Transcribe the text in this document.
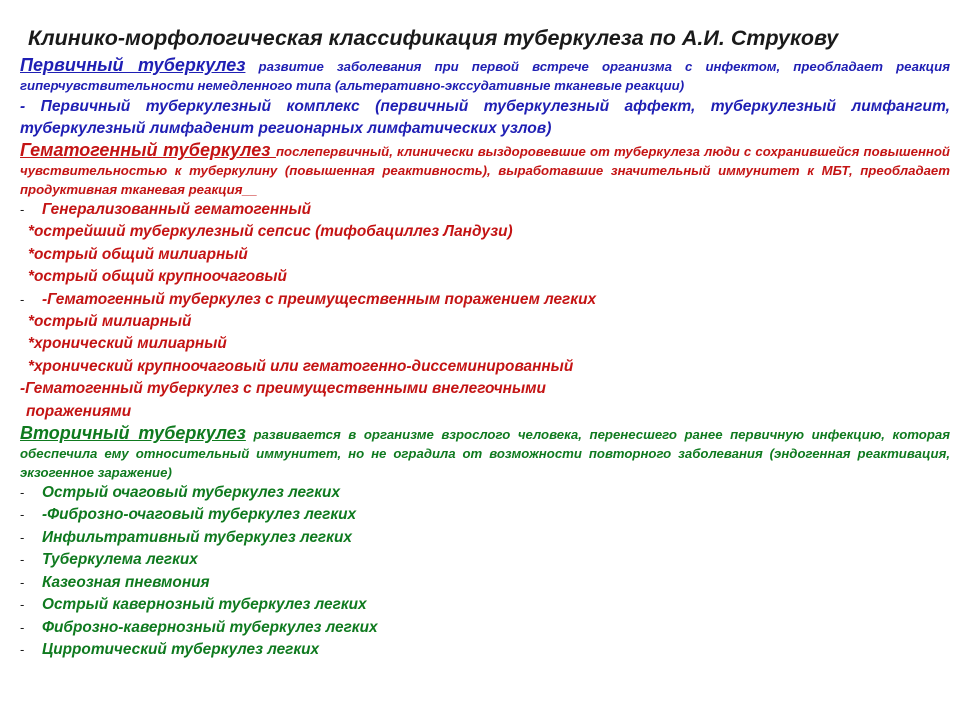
Клинико-морфологическая классификация туберкулеза по А.И. Струкову

Первичный туберкулез развитие заболевания при первой встрече организма с инфектом, преобладает реакция гиперчувствительности немедленного типа (альтеративно-экссудативные тканевые реакции)

- Первичный туберкулезный комплекс (первичный туберкулезный аффект, туберкулезный лимфангит, туберкулезный лимфаденит регионарных лимфатических узлов)

Гематогенный туберкулез послепервичный, клинически выздоровевшие от туберкулеза люди с сохранившейся повышенной чувствительностью к туберкулину (повышенная реактивность), выработавшие значительный иммунитет к МБТ, преобладает продуктивная тканевая реакция__

- Генерализованный гематогенный
*острейший туберкулезный сепсис (тифобациллез Ландузи)
*острый общий милиарный
*острый общий крупноочаговый
- -Гематогенный туберкулез с преимущественным поражением легких
*острый милиарный
*хронический милиарный
*хронический крупноочаговый или гематогенно-диссеминированный

-Гематогенный туберкулез с преимущественными внелегочными

поражениями

Вторичный туберкулез развивается в организме взрослого человека, перенесшего ранее первичную инфекцию, которая обеспечила ему относительный иммунитет, но не оградила от возможности повторного заболевания (эндогенная реактивация, экзогенное заражение)

- Острый очаговый туберкулез легких
- -Фиброзно-очаговый туберкулез легких
- Инфильтративный туберкулез легких
- Туберкулема легких
- Казеозная пневмония
- Острый кавернозный туберкулез легких
- Фиброзно-кавернозный туберкулез легких
- Цирротический туберкулез легких
